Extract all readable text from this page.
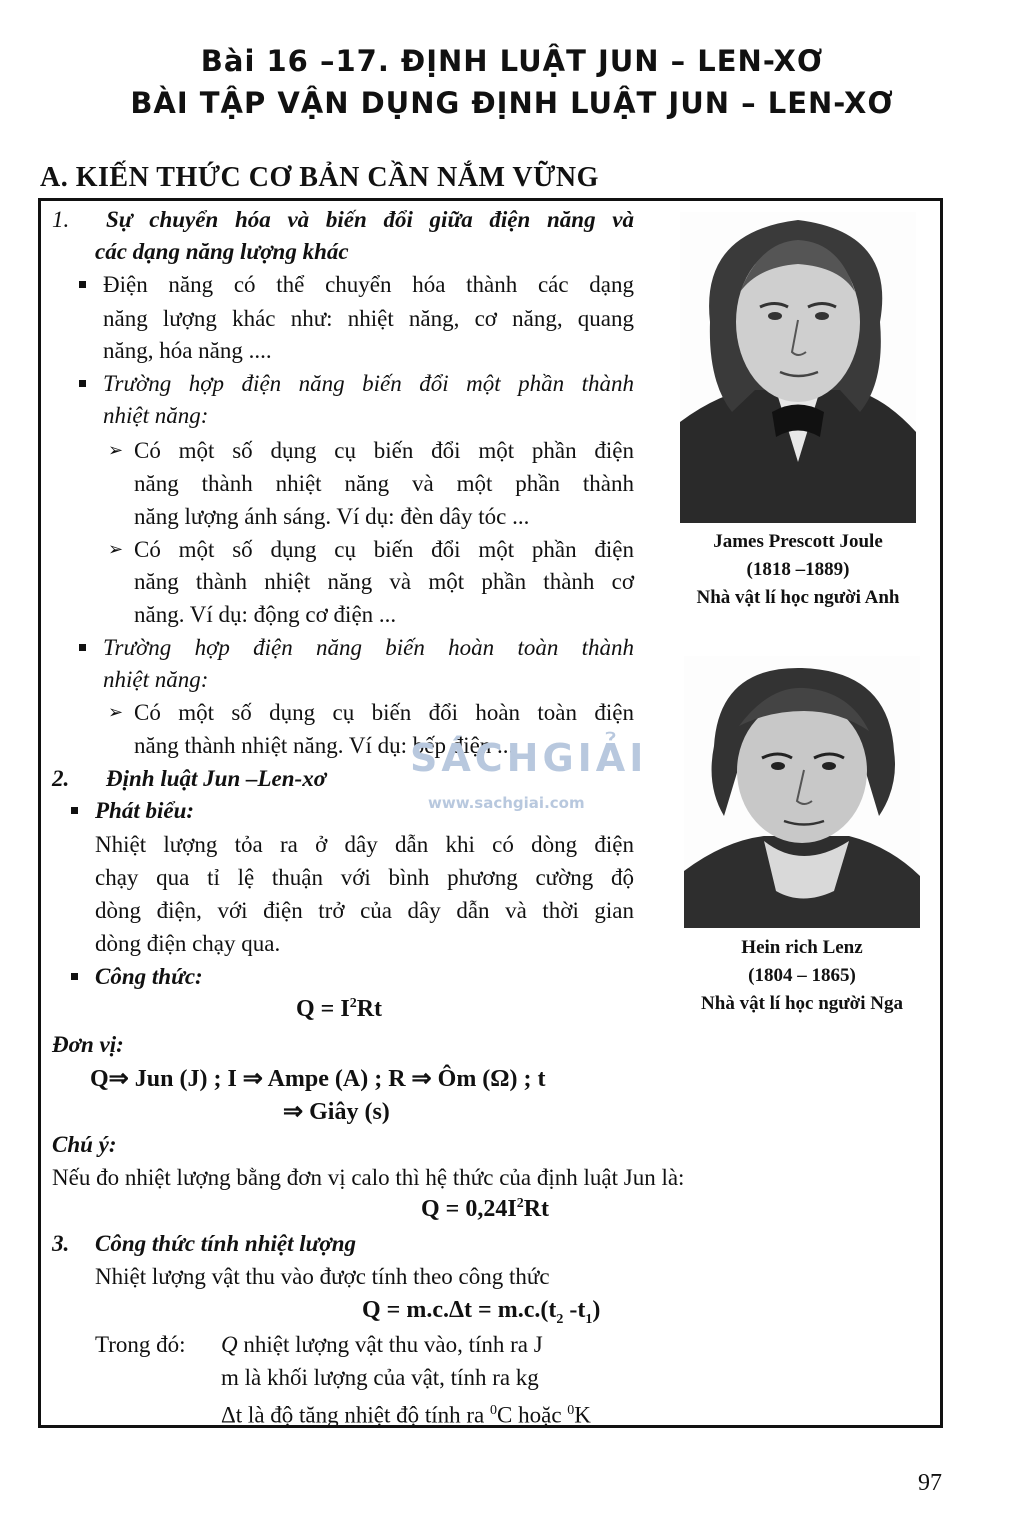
Bài 16 –17. ĐỊNH LUẬT JUN – LEN-XƠ
BÀI TẬP VẬN DỤNG ĐỊNH LUẬT JUN – LEN-XƠ
A. KIẾN THỨC CƠ BẢN CẦN NẮM VỮNG
1. Sự chuyển hóa và biến đổi giữa điện năng và
các dạng năng lượng khác
Điện năng có thể chuyển hóa thành các dạng
năng lượng khác như: nhiệt năng, cơ năng, quang
năng, hóa năng ....
Trường hợp điện năng biến đổi một phần thành
nhiệt năng:
➢ Có một số dụng cụ biến đổi một phần điện
năng thành nhiệt năng và một phần thành
năng lượng ánh sáng. Ví dụ: đèn dây tóc ...
➢ Có một số dụng cụ biến đổi một phần điện
năng thành nhiệt năng và một phần thành cơ
năng. Ví dụ: động cơ điện ...
Trường hợp điện năng biến hoàn toàn thành
nhiệt năng:
➢ Có một số dụng cụ biến đổi hoàn toàn điện
năng thành nhiệt năng. Ví dụ: bếp điện ...
2. Định luật Jun –Len-xơ
Phát biểu:
Nhiệt lượng tỏa ra ở dây dẫn khi có dòng điện
chạy qua tỉ lệ thuận với bình phương cường độ
dòng điện, với điện trở của dây dẫn và thời gian
dòng điện chạy qua.
Công thức:
$Q = I^2Rt$
Đơn vị:
Q⇒ Jun (J) ; I ⇒ Ampe (A) ; R ⇒ Ôm (Ω) ; t
⇒ Giây (s)
Chú ý:
Nếu đo nhiệt lượng bằng đơn vị calo thì hệ thức của định luật Jun là:
$Q = 0,24I^2Rt$
3. Công thức tính nhiệt lượng
Nhiệt lượng vật thu vào được tính theo công thức
$Q = m.c.\Delta t = m.c.(t_2$ $-t_1$)
Trong đó: Q nhiệt lượng vật thu vào, tính ra J
m là khối lượng của vật, tính ra kg
Δt là độ tăng nhiệt độ tính ra $^0$C hoặc $^0$K
James Prescott Joule
(1818 –1889)
Nhà vật lí học người Anh
Hein rich Lenz
(1804 – 1865)
Nhà vật lí học người Nga
SÁCHGIẢI
www.sachgiai.com
97
